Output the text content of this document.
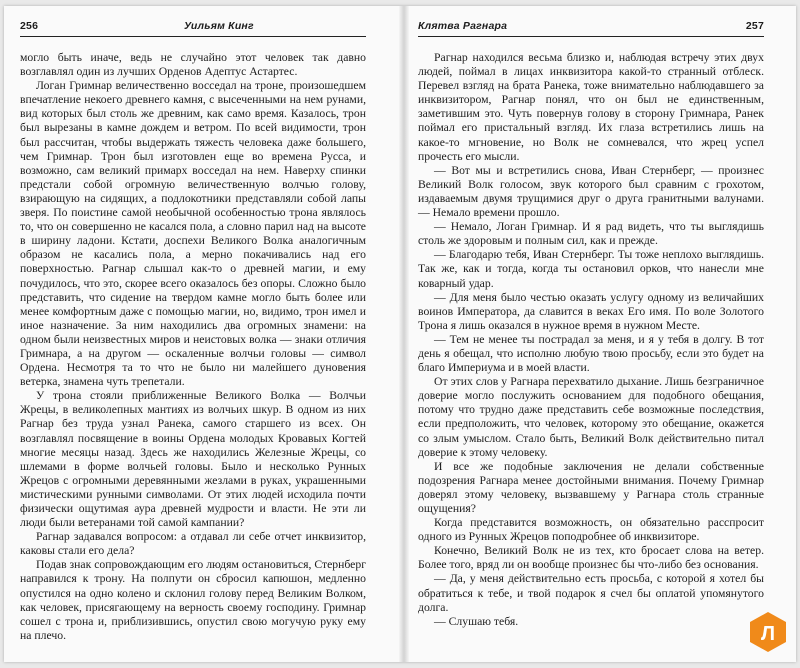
256	Уильям Кинг

могло быть иначе, ведь не случайно этот человек так давно возглавлял один из лучших Орденов Адептус Астартес.

Логан Гримнар величественно восседал на троне, произошедшем впечатление некоего древнего камня, с высеченными на нем рунами, вид которых был столь же древним, как само время. Казалось, трон был вырезаны в камне дождем и ветром. По всей видимости, трон был рассчитан, чтобы выдержать тяжесть человека даже большего, чем Гримнар. Трон был изготовлен еще во времена Русса, и возможно, сам великий примарх восседал на нем. Наверху спинки предстали собой огромную величественную волчью голову, взирающую на сидящих, а подлокотники представляли собой лапы зверя. По поистине самой необычной особенностью трона являлось то, что он совершенно не касался пола, а словно парил над на высоте в ширину ладони. Кстати, доспехи Великого Волка аналогичным образом не касались пола, а мерно покачивались над его поверхностью. Рагнар слышал как-то о древней магии, и ему почудилось, что это, скорее всего оказалось без опоры. Сложно было представить, что сидение на твердом камне могло быть более или менее комфортным даже с помощью магии, но, видимо, трон имел и иное назначение. За ним находились два огромных знамени: на одном были неизвестных миров и неистовых волка — знаки отличия Гримнара, а на другом — оскаленные волчьи головы — символ Ордена. Несмотря та то что не было ни малейшего дуновения ветерка, знамена чуть трепетали.

У трона стояли приближенные Великого Волка — Волчьи Жрецы, в великолепных мантиях из волчьих шкур. В одном из них Рагнар без труда узнал Ранека, самого старшего из всех. Он возглавлял посвящение в воины Ордена молодых Кровавых Когтей многие месяцы назад. Здесь же находились Железные Жрецы, со шлемами в форме волчьей головы. Было и несколько Рунных Жрецов с огромными деревянными жезлами в руках, украшенными мистическими рунными символами. От этих людей исходила почти физически ощутимая аура древней мудрости и власти. Не эти ли люди были ветеранами той самой кампании?

Рагнар задавался вопросом: а отдавал ли себе отчет инквизитор, каковы стали его дела?

Подав знак сопровождающим его людям остановиться, Стернберг направился к трону. На полпути он сбросил капюшон, медленно опустился на одно колено и склонил голову перед Великим Волком, как человек, присягающему на верность своему господину. Гримнар сошел с трона и, приблизившись, опустил свою могучую руку ему на плечо.

Клятва Рагнара	257

Рагнар находился весьма близко и, наблюдая встречу этих двух людей, поймал в лицах инквизитора какой-то странный отблеск. Перевел взгляд на брата Ранека, тоже внимательно наблюдавшего за инквизитором, Рагнар понял, что он был не единственным, заметившим это. Чуть повернув голову в сторону Гримнара, Ранек поймал его пристальный взгляд. Их глаза встретились лишь на какое-то мгновение, но Волк не сомневался, что жрец успел прочесть его мысли.

— Вот мы и встретились снова, Иван Стернберг, — произнес Великий Волк голосом, звук которого был сравним с грохотом, издаваемым двумя трущимися друг о друга гранитными валунами. — Немало времени прошло.

— Немало, Логан Гримнар. И я рад видеть, что ты выглядишь столь же здоровым и полным сил, как и прежде.

— Благодарю тебя, Иван Стернберг. Ты тоже неплохо выглядишь. Так же, как и тогда, когда ты остановил орков, что нанесли мне коварный удар.

— Для меня было честью оказать услугу одному из величайших воинов Императора, да славится в веках Его имя. По воле Золотого Трона я лишь оказался в нужное время в нужном Месте.

— Тем не менее ты пострадал за меня, и я у тебя в долгу. В тот день я обещал, что исполню любую твою просьбу, если это будет на благо Империума и в моей власти.

От этих слов у Рагнара перехватило дыхание. Лишь безграничное доверие могло послужить основанием для подобного обещания, потому что трудно даже представить себе возможные последствия, если предположить, что человек, которому это обещание, окажется со злым умыслом. Стало быть, Великий Волк действительно питал доверие к этому человеку.

И все же подобные заключения не делали собственные подозрения Рагнара менее достойными внимания. Почему Гримнар доверял этому человеку, вызвавшему у Рагнара столь странные ощущения?

Когда представится возможность, он обязательно расспросит одного из Рунных Жрецов поподробнее об инквизиторе.

Конечно, Великий Волк не из тех, кто бросает слова на ветер. Более того, вряд ли он вообще произнес бы что-либо без основания.

— Да, у меня действительно есть просьба, с которой я хотел бы обратиться к тебе, и твой подарок я счел бы оплатой упомянутого долга.

— Слушаю тебя.

Л
